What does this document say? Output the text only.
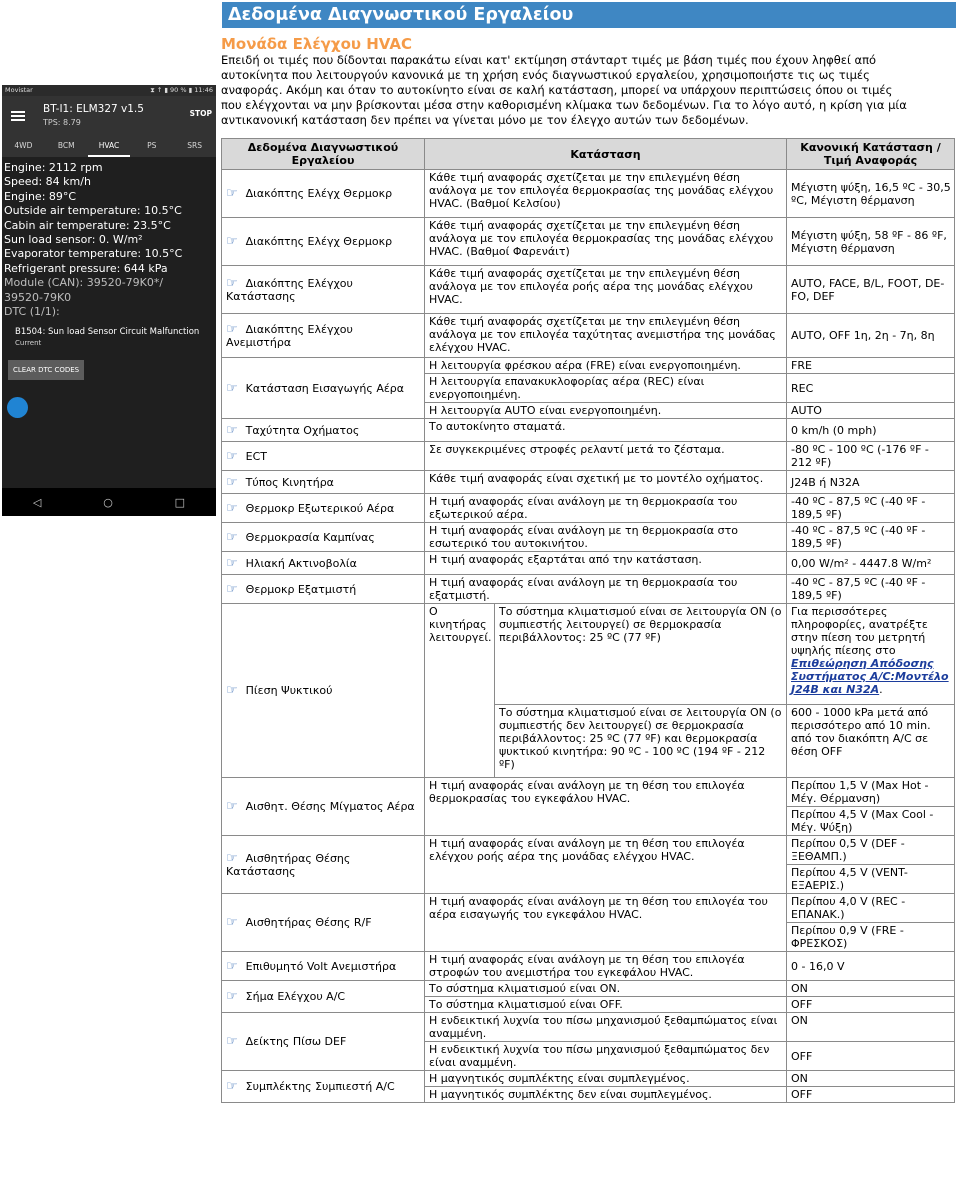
Movistar	⧗ ↑ ▮ 90 % ▮ 11:46
BT-I1: ELM327 v1.5
TPS: 8.79
STOP
4WD	BCM	HVAC	PS	SRS
Engine: 2112 rpm
Speed: 84 km/h
Engine: 89°C
Outside air temperature: 10.5°C
Cabin air temperature: 23.5°C
Sun load sensor: 0. W/m²
Evaporator temperature: 10.5°C
Refrigerant pressure: 644 kPa
Module (CAN): 39520-79K0*/
39520-79K0
DTC (1/1):
B1504: Sun load Sensor Circuit Malfunction
Current
CLEAR DTC CODES
◁	○	□
Δεδομένα Διαγνωστικού Εργαλείου
Μονάδα Ελέγχου HVAC
Επειδή οι τιμές που δίδονται παρακάτω είναι κατ' εκτίμηση στάνταρτ τιμές με βάση τιμές που έχουν ληφθεί από
αυτοκίνητα που λειτουργούν κανονικά με τη χρήση ενός διαγνωστικού εργαλείου, χρησιμοποιήστε τις ως τιμές
αναφοράς. Ακόμη και όταν το αυτοκίνητο είναι σε καλή κατάσταση, μπορεί να υπάρχουν περιπτώσεις όπου οι τιμές
που ελέγχονται να μην βρίσκονται μέσα στην καθορισμένη κλίμακα των δεδομένων. Για το λόγο αυτό, η κρίση για μία
αντικανονική κατάσταση δεν πρέπει να γίνεται μόνο με τον έλεγχο αυτών των δεδομένων.
Δεδομένα Διαγνωστικού Εργαλείου	Κατάσταση		Κανονική Κατάσταση / Τιμή Αναφοράς
☞ Διακόπτης Ελέγχ Θερμοκρ	Κάθε τιμή αναφοράς σχετίζεται με την επιλεγμένη θέση ανάλογα με τον επιλογέα θερμοκρασίας της μονάδας ελέγχου HVAC. (Βαθμοί Κελσίου)		Μέγιστη ψύξη, 16,5 ºC - 30,5 ºC, Μέγιστη θέρμανση
☞ Διακόπτης Ελέγχ Θερμοκρ	Κάθε τιμή αναφοράς σχετίζεται με την επιλεγμένη θέση ανάλογα με τον επιλογέα θερμοκρασίας της μονάδας ελέγχου HVAC. (Βαθμοί Φαρενάιτ)		Μέγιστη ψύξη, 58 ºF - 86 ºF, Μέγιστη θέρμανση
☞ Διακόπτης Ελέγχου Κατάστασης	Κάθε τιμή αναφοράς σχετίζεται με την επιλεγμένη θέση ανάλογα με τον επιλογέα ροής αέρα της μονάδας ελέγχου HVAC.		AUTO, FACE, B/L, FOOT, DE-FO, DEF
☞ Διακόπτης Ελέγχου Ανεμιστήρα	Κάθε τιμή αναφοράς σχετίζεται με την επιλεγμένη θέση ανάλογα με τον επιλογέα ταχύτητας ανεμιστήρα της μονάδας ελέγχου HVAC.		AUTO, OFF 1η, 2η - 7η, 8η
☞ Κατάσταση Εισαγωγής Αέρα	Η λειτουργία φρέσκου αέρα (FRE) είναι ενεργοποιημένη.		FRE
	Η λειτουργία επανακυκλοφορίας αέρα (REC) είναι ενεργοποιημένη.		REC
	Η λειτουργία AUTO είναι ενεργοποιημένη.		AUTO
☞ Ταχύτητα Οχήματος	Το αυτοκίνητο σταματά.		0 km/h (0 mph)
☞ ECT	Σε συγκεκριμένες στροφές ρελαντί μετά το ζέσταμα.		-80 ºC - 100 ºC (-176 ºF - 212 ºF)
☞ Τύπος Κινητήρα	Κάθε τιμή αναφοράς είναι σχετική με το μοντέλο οχήματος.		J24B ή N32A
☞ Θερμοκρ Εξωτερικού Αέρα	Η τιμή αναφοράς είναι ανάλογη με τη θερμοκρασία του εξωτερικού αέρα.		-40 ºC - 87,5 ºC (-40 ºF - 189,5 ºF)
☞ Θερμοκρασία Καμπίνας	Η τιμή αναφοράς είναι ανάλογη με τη θερμοκρασία στο εσωτερικό του αυτοκινήτου.		-40 ºC - 87,5 ºC (-40 ºF - 189,5 ºF)
☞ Ηλιακή Ακτινοβολία	Η τιμή αναφοράς εξαρτάται από την κατάσταση.		0,00 W/m² - 4447.8 W/m²
☞ Θερμοκρ Εξατμιστή	Η τιμή αναφοράς είναι ανάλογη με τη θερμοκρασία του εξατμιστή.		-40 ºC - 87,5 ºC (-40 ºF - 189,5 ºF)
☞ Πίεση Ψυκτικού	Ο κινητήρας λειτουργεί.	Το σύστημα κλιματισμού είναι σε λειτουργία ON (ο συμπιεστής λειτουργεί) σε θερμοκρασία περιβάλλοντος: 25 ºC (77 ºF)	Για περισσότερες πληροφορίες, ανατρέξτε στην πίεση του μετρητή υψηλής πίεσης στο Επιθεώρηση Απόδοσης Συστήματος A/C:Μοντέλο J24B και N32A.
		Το σύστημα κλιματισμού είναι σε λειτουργία ON (ο συμπιεστής δεν λειτουργεί) σε θερμοκρασία περιβάλλοντος: 25 ºC (77 ºF) και θερμοκρασία ψυκτικού κινητήρα: 90 ºC - 100 ºC (194 ºF - 212 ºF)	600 - 1000 kPa μετά από περισσότερο από 10 min. από τον διακόπτη A/C σε θέση OFF
☞ Αισθητ. Θέσης Μίγματος Αέρα	Η τιμή αναφοράς είναι ανάλογη με τη θέση του επιλογέα θερμοκρασίας του εγκεφάλου HVAC.		Περίπου 1,5 V (Max Hot - Μέγ. Θέρμανση)
			Περίπου 4,5 V (Max Cool - Μέγ. Ψύξη)
☞ Αισθητήρας Θέσης Κατάστασης	Η τιμή αναφοράς είναι ανάλογη με τη θέση του επιλογέα ελέγχου ροής αέρα της μονάδας ελέγχου HVAC.		Περίπου 0,5 V (DEF - ΞΕΘΑΜΠ.)
			Περίπου 4,5 V (VENT-ΕΞΑΕΡΙΣ.)
☞ Αισθητήρας Θέσης R/F	Η τιμή αναφοράς είναι ανάλογη με τη θέση του επιλογέα του αέρα εισαγωγής του εγκεφάλου HVAC.		Περίπου 4,0 V (REC - ΕΠΑΝΑΚ.)
			Περίπου 0,9 V (FRE - ΦΡΕΣΚΟΣ)
☞ Επιθυμητό Volt Ανεμιστήρα	Η τιμή αναφοράς είναι ανάλογη με τη θέση του επιλογέα στροφών του ανεμιστήρα του εγκεφάλου HVAC.		0 - 16,0 V
☞ Σήμα Ελέγχου A/C	Το σύστημα κλιματισμού είναι ON.		ON
	Το σύστημα κλιματισμού είναι OFF.		OFF
☞ Δείκτης Πίσω DEF	Η ενδεικτική λυχνία του πίσω μηχανισμού ξεθαμπώματος είναι αναμμένη.		ON
	Η ενδεικτική λυχνία του πίσω μηχανισμού ξεθαμπώματος δεν είναι αναμμένη.		OFF
☞ Συμπλέκτης Συμπιεστή A/C	Η μαγνητικός συμπλέκτης είναι συμπλεγμένος.		ON
	Η μαγνητικός συμπλέκτης δεν είναι συμπλεγμένος.		OFF
